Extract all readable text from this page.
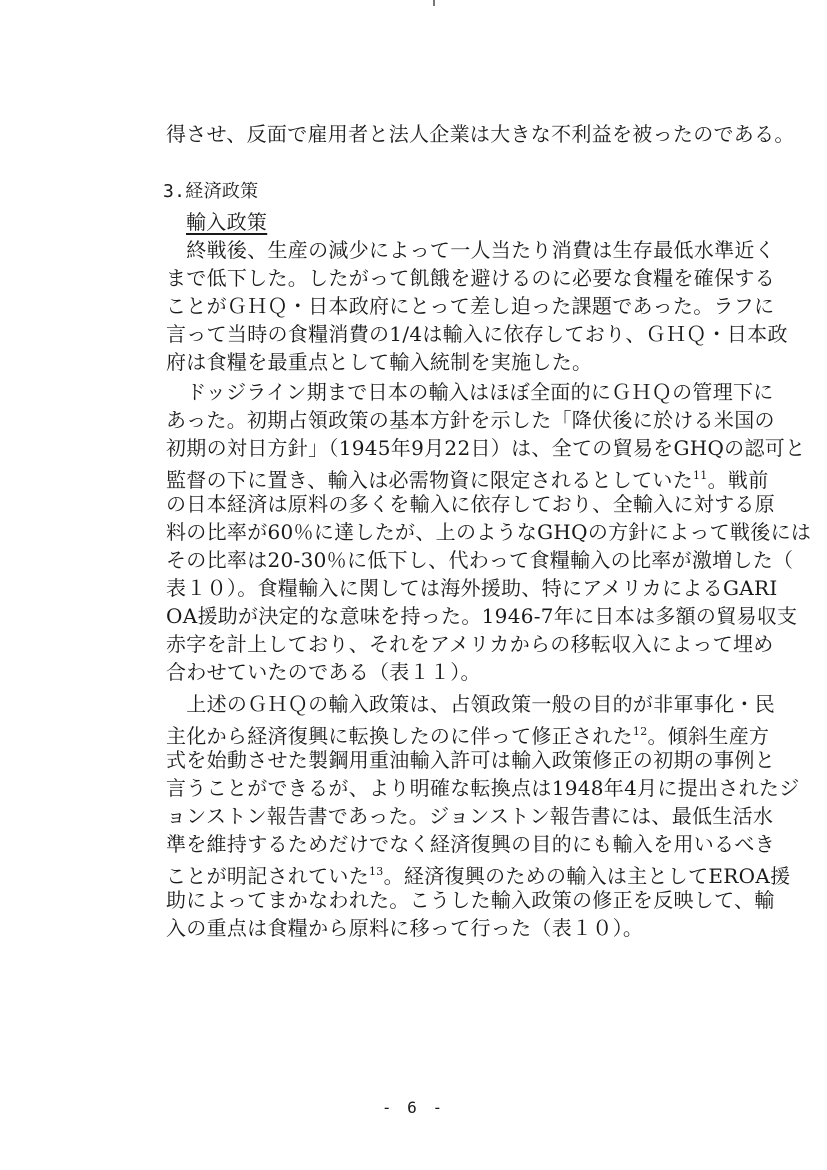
得させ、反面で雇用者と法人企業は大きな不利益を被ったのである。
3.経済政策
輸入政策
　終戦後、生産の減少によって一人当たり消費は生存最低水準近く
まで低下した。したがって飢餓を避けるのに必要な食糧を確保する
ことがＧＨＱ・日本政府にとって差し迫った課題であった。ラフに
言って当時の食糧消費の1/4は輸入に依存しており、ＧＨＱ・日本政
府は食糧を最重点として輸入統制を実施した。
　ドッジライン期まで日本の輸入はほぼ全面的にＧＨＱの管理下に
あった。初期占領政策の基本方針を示した「降伏後に於ける米国の
初期の対日方針」（1945年9月22日）は、全ての貿易をGHQの認可と
監督の下に置き、輸入は必需物資に限定されるとしていた$^{11}$。戦前
の日本経済は原料の多くを輸入に依存しており、全輸入に対する原
料の比率が60％に達したが、上のようなGHQの方針によって戦後には
その比率は20-30％に低下し、代わって食糧輸入の比率が激増した（
表１０）。食糧輸入に関しては海外援助、特にアメリカによるGARI
OA援助が決定的な意味を持った。1946-7年に日本は多額の貿易収支
赤字を計上しており、それをアメリカからの移転収入によって埋め
合わせていたのである（表１１）。
　上述のＧＨＱの輸入政策は、占領政策一般の目的が非軍事化・民
主化から経済復興に転換したのに伴って修正された$^{12}$。傾斜生産方
式を始動させた製鋼用重油輸入許可は輸入政策修正の初期の事例と
言うことができるが、より明確な転換点は1948年4月に提出されたジ
ョンストン報告書であった。ジョンストン報告書には、最低生活水
準を維持するためだけでなく経済復興の目的にも輸入を用いるべき
ことが明記されていた$^{13}$。経済復興のための輸入は主としてEROA援
助によってまかなわれた。こうした輸入政策の修正を反映して、輸
入の重点は食糧から原料に移って行った（表１０）。
- 6 -
